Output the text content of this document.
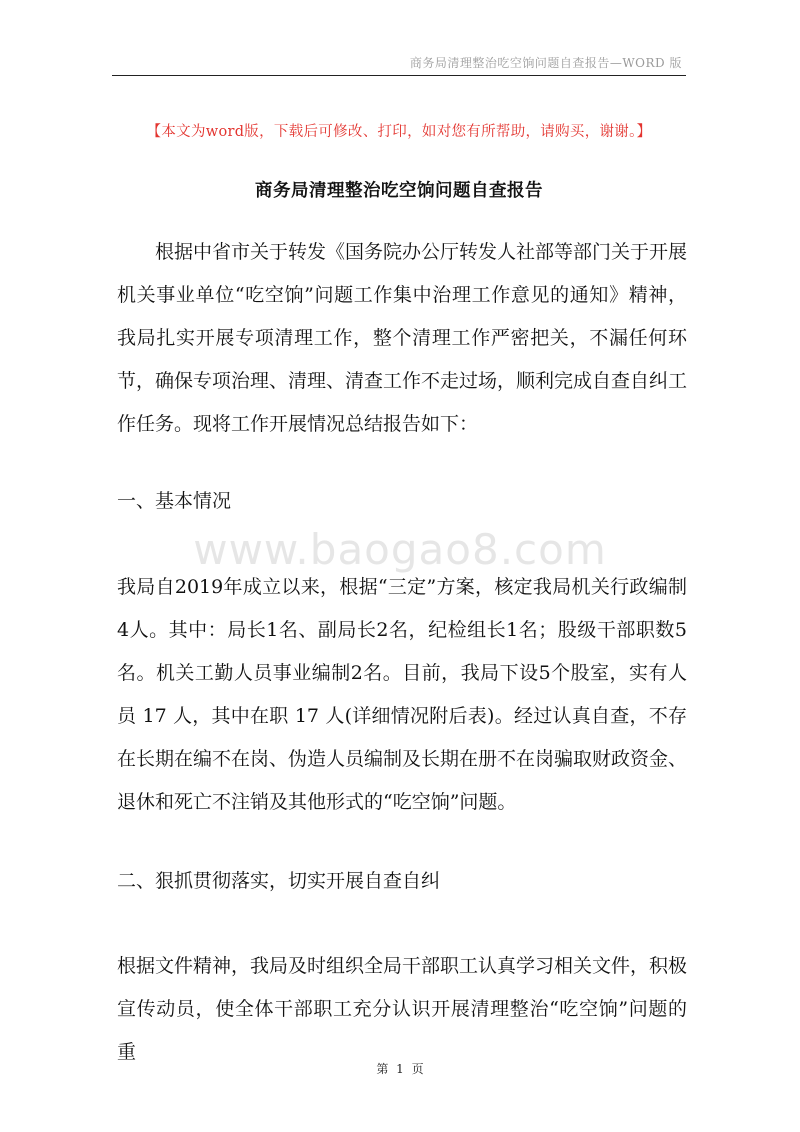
商务局清理整治吃空饷问题自查报告—WORD 版
【本文为word版，下载后可修改、打印，如对您有所帮助，请购买，谢谢。】
商务局清理整治吃空饷问题自查报告
根据中省市关于转发《国务院办公厅转发人社部等部门关于开展机关事业单位“吃空饷”问题工作集中治理工作意见的通知》精神，我局扎实开展专项清理工作，整个清理工作严密把关，不漏任何环节，确保专项治理、清理、清查工作不走过场，顺利完成自查自纠工作任务。现将工作开展情况总结报告如下：
一、基本情况
www.baogao8.com
我局自2019年成立以来，根据“三定”方案，核定我局机关行政编制4人。其中：局长1名、副局长2名，纪检组长1名；股级干部职数5名。机关工勤人员事业编制2名。目前，我局下设5个股室，实有人员 17 人，其中在职 17 人(详细情况附后表)。经过认真自查，不存在长期在编不在岗、伪造人员编制及长期在册不在岗骗取财政资金、退休和死亡不注销及其他形式的“吃空饷”问题。
二、狠抓贯彻落实，切实开展自查自纠
根据文件精神，我局及时组织全局干部职工认真学习相关文件，积极宣传动员，使全体干部职工充分认识开展清理整治“吃空饷”问题的重
第 1 页
